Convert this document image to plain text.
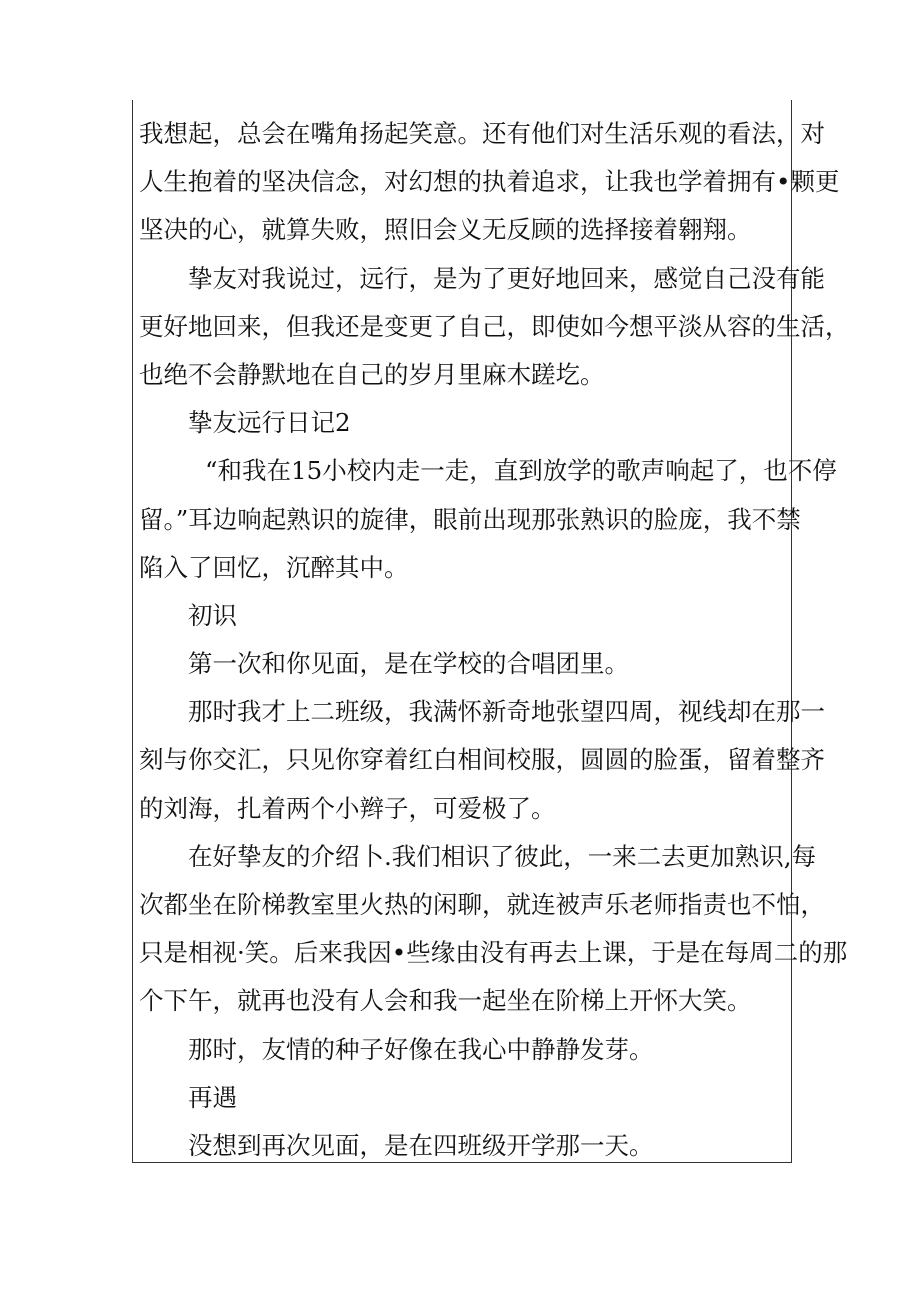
我想起，总会在嘴角扬起笑意。还有他们对生活乐观的看法，对
人生抱着的坚决信念，对幻想的执着追求，让我也学着拥有•颗更
坚决的心，就算失败，照旧会义无反顾的选择接着翱翔。
挚友对我说过，远行，是为了更好地回来，感觉自己没有能
更好地回来，但我还是变更了自己，即使如今想平淡从容的生活，
也绝不会静默地在自己的岁月里麻木蹉圪。
挚友远行日记2
“和我在15小校内走一走，直到放学的歌声响起了，也不停
留。”耳边响起熟识的旋律，眼前出现那张熟识的脸庞，我不禁
陷入了回忆，沉醉其中。
初识
第一次和你见面，是在学校的合唱团里。
那时我才上二班级，我满怀新奇地张望四周，视线却在那一
刻与你交汇，只见你穿着红白相间校服，圆圆的脸蛋，留着整齐
的刘海，扎着两个小辫子，可爱极了。
在好挚友的介绍卜.我们相识了彼此，一来二去更加熟识,每
次都坐在阶梯教室里火热的闲聊，就连被声乐老师指责也不怕，
只是相视·笑。后来我因•些缘由没有再去上课，于是在每周二的那
个下午，就再也没有人会和我一起坐在阶梯上开怀大笑。
那时，友情的种子好像在我心中静静发芽。
再遇
没想到再次见面，是在四班级开学那一天。
